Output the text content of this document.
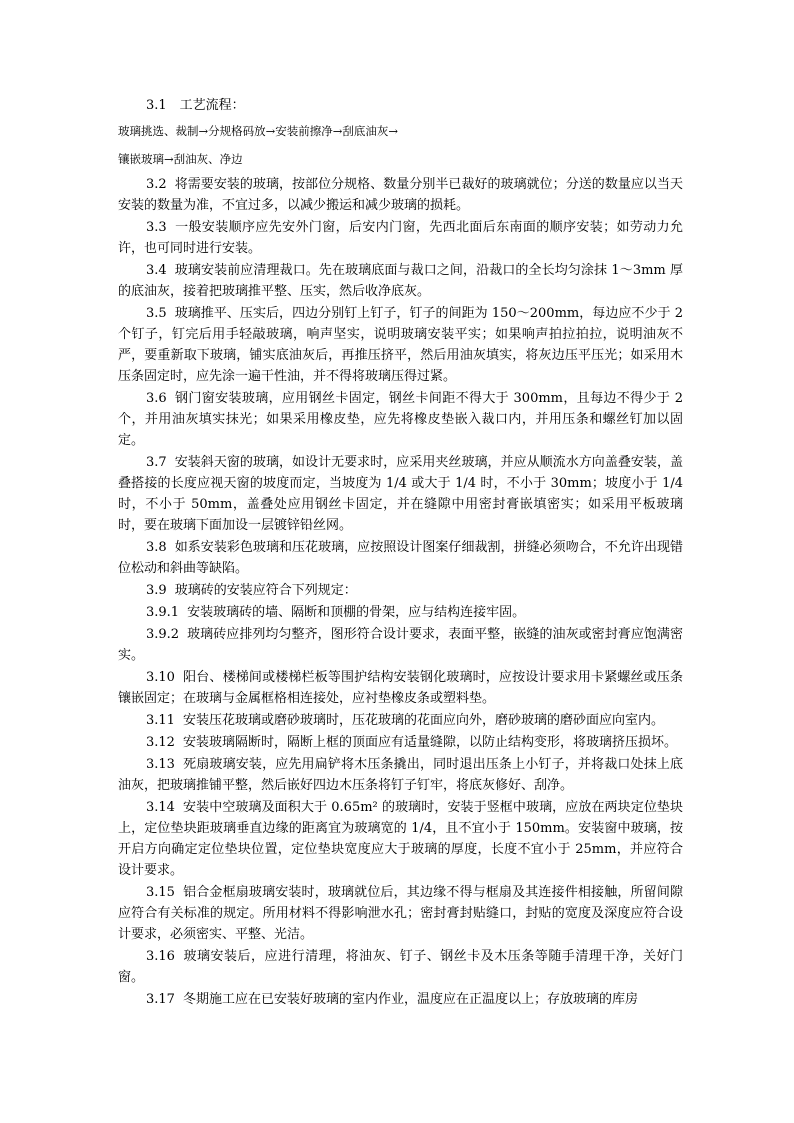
3.1　工艺流程：

玻璃挑选、裁制→分规格码放→安装前擦净→刮底油灰→

镶嵌玻璃→刮油灰、净边

3.2 将需要安装的玻璃，按部位分规格、数量分别半已裁好的玻璃就位；分送的数量应以当天安装的数量为准，不宜过多，以减少搬运和减少玻璃的损耗。

3.3 一般安装顺序应先安外门窗，后安内门窗，先西北面后东南面的顺序安装；如劳动力允许，也可同时进行安装。

3.4 玻璃安装前应清理裁口。先在玻璃底面与裁口之间，沿裁口的全长均匀涂抹 1～3mm 厚的底油灰，接着把玻璃推平整、压实，然后收净底灰。

3.5 玻璃推平、压实后，四边分别钉上钉子，钉子的间距为 150～200mm，每边应不少于 2 个钉子，钉完后用手轻敲玻璃，响声坚实，说明玻璃安装平实；如果响声拍拉拍拉，说明油灰不严，要重新取下玻璃，铺实底油灰后，再推压挤平，然后用油灰填实，将灰边压平压光；如采用木压条固定时，应先涂一遍干性油，并不得将玻璃压得过紧。

3.6 钢门窗安装玻璃，应用钢丝卡固定，钢丝卡间距不得大于 300mm，且每边不得少于 2 个，并用油灰填实抹光；如果采用橡皮垫，应先将橡皮垫嵌入裁口内，并用压条和螺丝钉加以固定。

3.7 安装斜天窗的玻璃，如设计无要求时，应采用夹丝玻璃，并应从顺流水方向盖叠安装，盖叠搭接的长度应视天窗的坡度而定，当坡度为 1/4 或大于 1/4 时，不小于 30mm；坡度小于 1/4 时，不小于 50mm，盖叠处应用钢丝卡固定，并在缝隙中用密封膏嵌填密实；如采用平板玻璃时，要在玻璃下面加设一层镀锌铅丝网。

3.8 如系安装彩色玻璃和压花玻璃，应按照设计图案仔细裁割，拼缝必须吻合，不允许出现错位松动和斜曲等缺陷。

3.9 玻璃砖的安装应符合下列规定：

3.9.1 安装玻璃砖的墙、隔断和顶棚的骨架，应与结构连接牢固。

3.9.2 玻璃砖应排列均匀整齐，图形符合设计要求，表面平整，嵌缝的油灰或密封膏应饱满密实。

3.10 阳台、楼梯间或楼梯栏板等围护结构安装钢化玻璃时，应按设计要求用卡紧螺丝或压条镶嵌固定；在玻璃与金属框格相连接处，应衬垫橡皮条或塑料垫。

3.11 安装压花玻璃或磨砂玻璃时，压花玻璃的花面应向外，磨砂玻璃的磨砂面应向室内。

3.12 安装玻璃隔断时，隔断上框的顶面应有适量缝隙，以防止结构变形，将玻璃挤压损坏。

3.13 死扇玻璃安装，应先用扁铲将木压条撬出，同时退出压条上小钉子，并将裁口处抹上底油灰，把玻璃推铺平整，然后嵌好四边木压条将钉子钉牢，将底灰修好、刮净。

3.14 安装中空玻璃及面积大于 0.65m² 的玻璃时，安装于竖框中玻璃，应放在两块定位垫块上，定位垫块距玻璃垂直边缘的距离宜为玻璃宽的 1/4，且不宜小于 150mm。安装窗中玻璃，按开启方向确定定位垫块位置，定位垫块宽度应大于玻璃的厚度，长度不宜小于 25mm，并应符合设计要求。

3.15 铝合金框扇玻璃安装时，玻璃就位后，其边缘不得与框扇及其连接件相接触，所留间隙应符合有关标准的规定。所用材料不得影响泄水孔；密封膏封贴缝口，封贴的宽度及深度应符合设计要求，必须密实、平整、光洁。

3.16 玻璃安装后，应进行清理，将油灰、钉子、钢丝卡及木压条等随手清理干净，关好门窗。

3.17 冬期施工应在已安装好玻璃的室内作业，温度应在正温度以上；存放玻璃的库房
